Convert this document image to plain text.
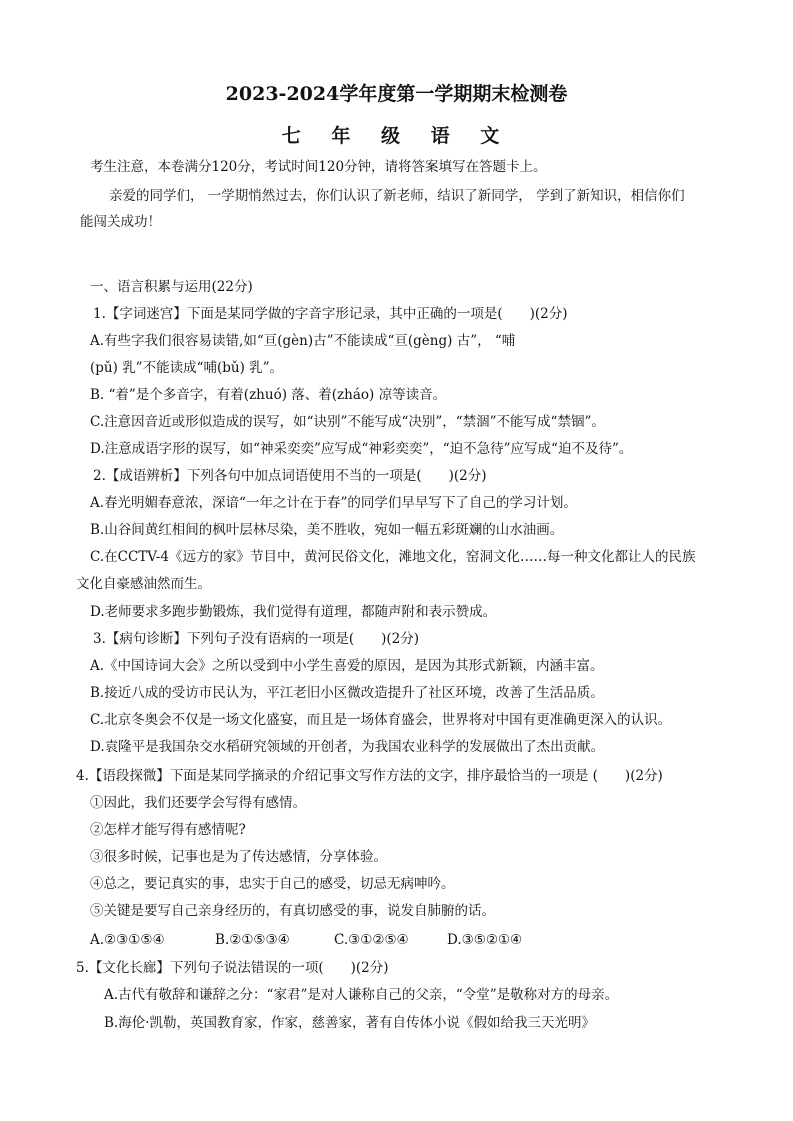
2023-2024学年度第一学期期末检测卷
七 年 级 语 文
考生注意，本卷满分120分，考试时间120分钟，请将答案填写在答题卡上。
亲爱的同学们， 一学期悄然过去，你们认识了新老师，结识了新同学， 学到了新知识，相信你们
能闯关成功！
一、语言积累与运用(22分)
1.【字词迷宫】下面是某同学做的字音字形记录，其中正确的一项是(　　)(2分)
A.有些字我们很容易读错,如“亘(gèn)古”不能读成“亘(gèng) 古”， “哺
(pǔ) 乳”不能读成“哺(bǔ) 乳”。
B. “着”是个多音字，有着(zhuó) 落、着(zháo) 凉等读音。
C.注意因音近或形似造成的误写，如“诀别”不能写成“决别”，“禁涸”不能写成“禁锢”。
D.注意成语字形的误写，如“神采奕奕”应写成“神彩奕奕”，“迫不急待”应写成“迫不及待”。
2.【成语辨析】下列各句中加点词语使用不当的一项是(　　)(2分)
A.春光明媚春意浓，深谙“一年之计在于春”的同学们早早写下了自己的学习计划。
B.山谷间黄红相间的枫叶层林尽染，美不胜收，宛如一幅五彩斑斓的山水油画。
C.在CCTV-4《远方的家》节目中，黄河民俗文化，滩地文化，窑洞文化……每一种文化都让人的民族
文化自豪感油然而生。
D.老师要求多跑步勤锻炼，我们觉得有道理，都随声附和表示赞成。
3.【病句诊断】下列句子没有语病的一项是(　　)(2分)
A.《中国诗词大会》之所以受到中小学生喜爱的原因，是因为其形式新颖，内涵丰富。
B.接近八成的受访市民认为，平江老旧小区微改造提升了社区环境，改善了生活品质。
C.北京冬奥会不仅是一场文化盛宴，而且是一场体育盛会，世界将对中国有更准确更深入的认识。
D.袁隆平是我国杂交水稻研究领域的开创者，为我国农业科学的发展做出了杰出贡献。
4.【语段探微】下面是某同学摘录的介绍记事文写作方法的文字，排序最恰当的一项是 (　　)(2分)
①因此，我们还要学会写得有感情。
②怎样才能写得有感情呢?
③很多时候，记事也是为了传达感情，分享体验。
④总之，要记真实的事，忠实于自己的感受，切忌无病呻吟。
⑤关键是要写自己亲身经历的，有真切感受的事，说发自肺腑的话。
A.②③①⑤④	B.②①⑤③④	C.③①②⑤④	D.③⑤②①④
5.【文化长廊】下列句子说法错误的一项(　　)(2分)
A.古代有敬辞和谦辞之分：“家君”是对人谦称自己的父亲，“令堂”是敬称对方的母亲。
B.海伦·凯勒，英国教育家，作家，慈善家，著有自传体小说《假如给我三天光明》
